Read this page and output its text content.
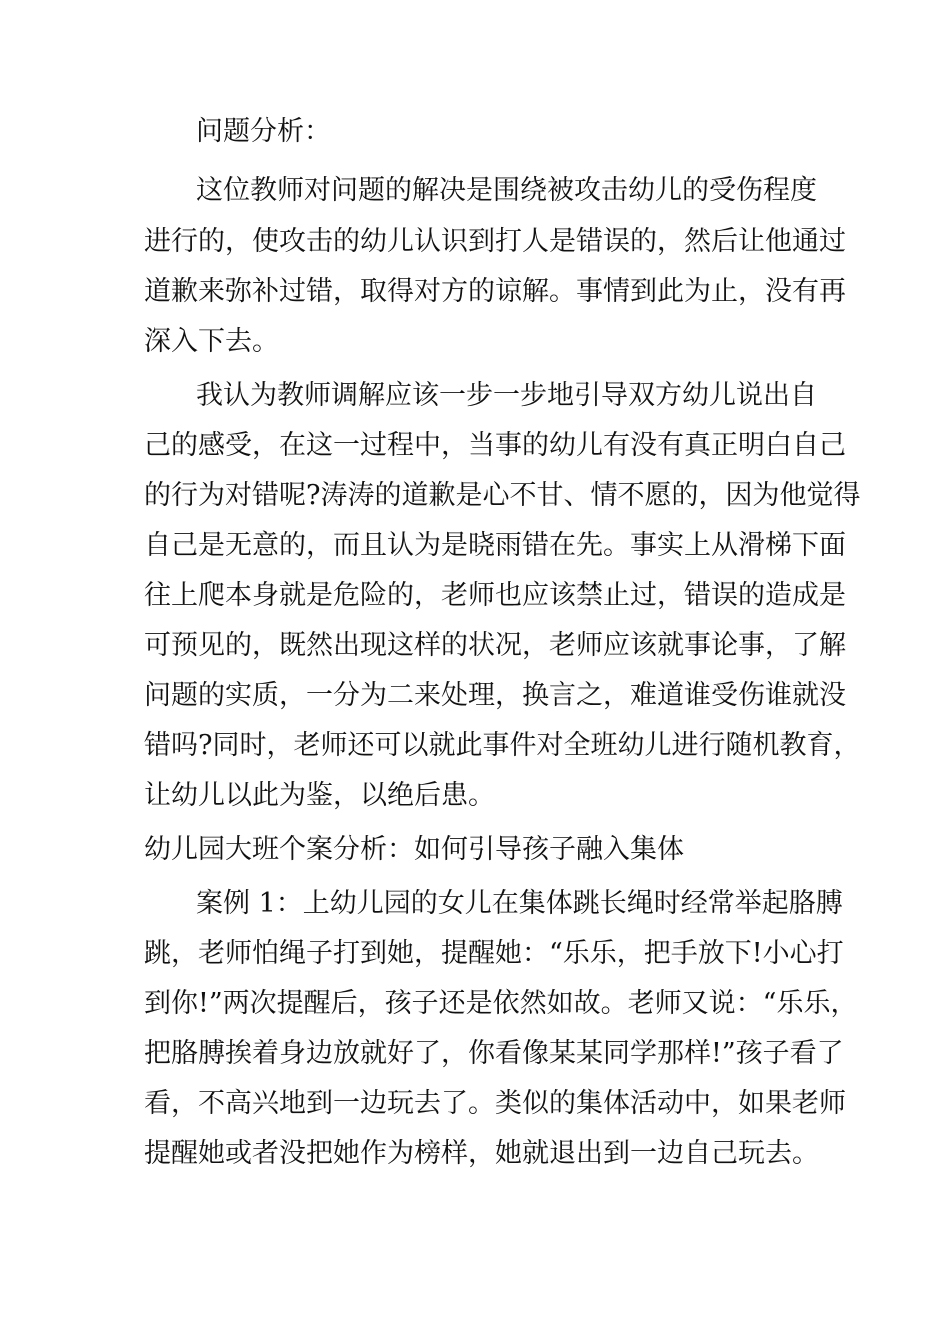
问题分析：

这位教师对问题的解决是围绕被攻击幼儿的受伤程度

进行的，使攻击的幼儿认识到打人是错误的，然后让他通过

道歉来弥补过错，取得对方的谅解。事情到此为止，没有再

深入下去。

我认为教师调解应该一步一步地引导双方幼儿说出自

己的感受，在这一过程中，当事的幼儿有没有真正明白自己

的行为对错呢?涛涛的道歉是心不甘、情不愿的，因为他觉得

自己是无意的，而且认为是晓雨错在先。事实上从滑梯下面

往上爬本身就是危险的，老师也应该禁止过，错误的造成是

可预见的，既然出现这样的状况，老师应该就事论事，了解

问题的实质，一分为二来处理，换言之，难道谁受伤谁就没

错吗?同时，老师还可以就此事件对全班幼儿进行随机教育，

让幼儿以此为鉴，以绝后患。

幼儿园大班个案分析：如何引导孩子融入集体

案例 1：上幼儿园的女儿在集体跳长绳时经常举起胳膊

跳，老师怕绳子打到她，提醒她：“乐乐，把手放下!小心打

到你!”两次提醒后，孩子还是依然如故。老师又说：“乐乐，

把胳膊挨着身边放就好了，你看像某某同学那样!”孩子看了

看，不高兴地到一边玩去了。类似的集体活动中，如果老师

提醒她或者没把她作为榜样，她就退出到一边自己玩去。
